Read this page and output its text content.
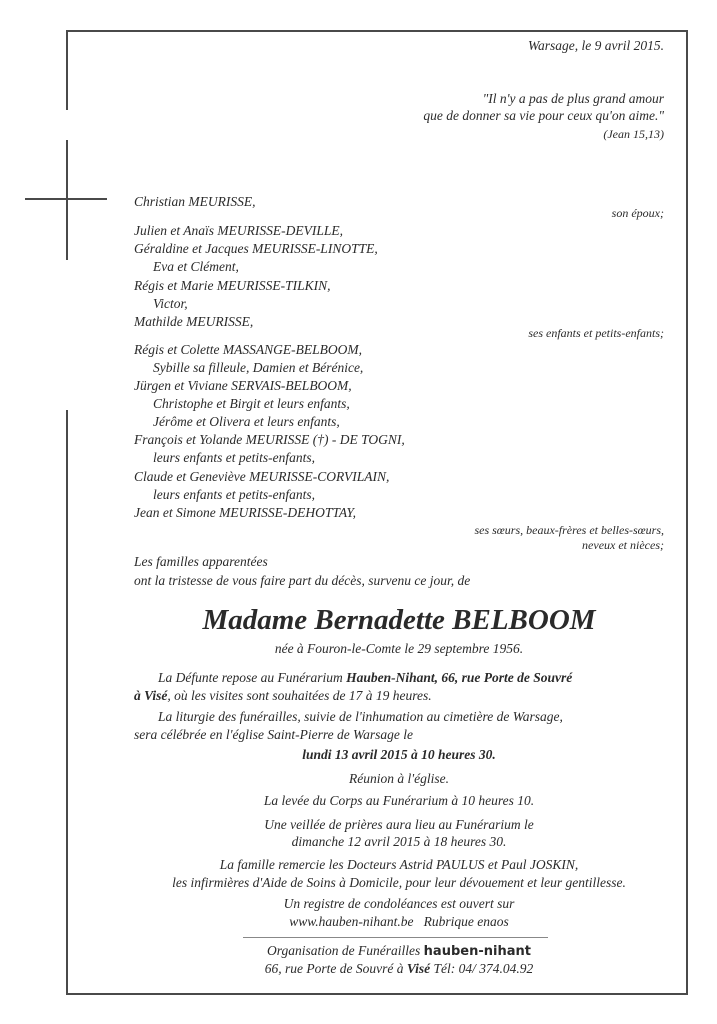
Warsage, le 9 avril 2015.
"Il n'y a pas de plus grand amour
que de donner sa vie pour ceux qu'on aime."
(Jean 15,13)
Christian MEURISSE,
son époux;
Julien et Anaïs MEURISSE-DEVILLE,
Géraldine et Jacques MEURISSE-LINOTTE,
Eva et Clément,
Régis et Marie MEURISSE-TILKIN,
Victor,
Mathilde MEURISSE,
ses enfants et petits-enfants;
Régis et Colette MASSANGE-BELBOOM,
Sybille sa filleule, Damien et Bérénice,
Jürgen et Viviane SERVAIS-BELBOOM,
Christophe et Birgit et leurs enfants,
Jérôme et Olivera et leurs enfants,
François et Yolande MEURISSE (†) - DE TOGNI,
leurs enfants et petits-enfants,
Claude et Geneviève MEURISSE-CORVILAIN,
leurs enfants et petits-enfants,
Jean et Simone MEURISSE-DEHOTTAY,
ses sœurs, beaux-frères et belles-sœurs,
neveux et nièces;
Les familles apparentées
ont la tristesse de vous faire part du décès, survenu ce jour, de
Madame Bernadette BELBOOM
née à Fouron-le-Comte le 29 septembre 1956.
La Défunte repose au Funérarium Hauben-Nihant, 66, rue Porte de Souvré
à Visé, où les visites sont souhaitées de 17 à 19 heures.
La liturgie des funérailles, suivie de l'inhumation au cimetière de Warsage,
sera célébrée en l'église Saint-Pierre de Warsage le
lundi 13 avril 2015 à 10 heures 30.
Réunion à l'église.
La levée du Corps au Funérarium à 10 heures 10.
Une veillée de prières aura lieu au Funérarium le
dimanche 12 avril 2015 à 18 heures 30.
La famille remercie les Docteurs Astrid PAULUS et Paul JOSKIN,
les infirmières d'Aide de Soins à Domicile, pour leur dévouement et leur gentillesse.
Un registre de condoléances est ouvert sur
www.hauben-nihant.be   Rubrique enaos
Organisation de Funérailles hauben-nihant
66, rue Porte de Souvré à Visé Tél: 04/ 374.04.92
